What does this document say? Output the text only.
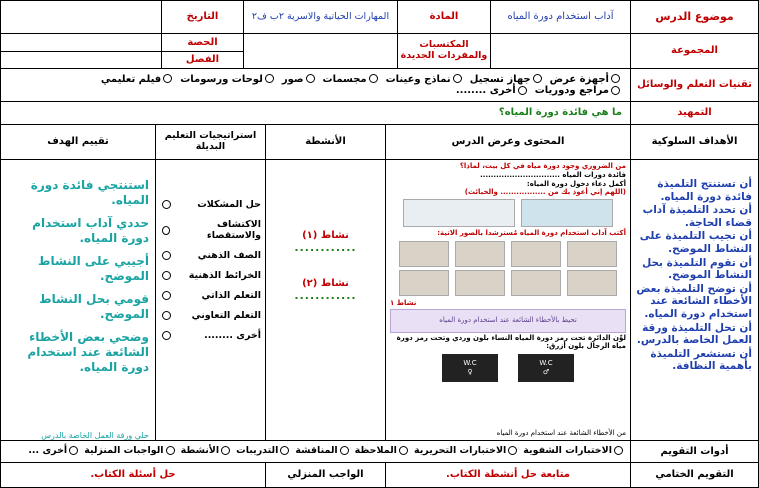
موضوع الدرس
آداب استخدام دورة المياه
المادة
المهارات الحياتية والاسرية ٢ب ف٢
التاريخ
المجموعة
المكتسبات والمفردات الجديدة
الحصة
الفصل
تقنيات التعلم والوسائل
أجهزة عرض
جهاز تسجيل
نماذج وعينات
مجسمات
صور
لوحات ورسومات
فيلم تعليمي
مراجع ودوريات
أخرى ........
التمهيد
ما هي فائدة دورة المياه؟
الأهداف السلوكية
المحتوى وعرض الدرس
الأنشطة
استراتيجيات التعليم البديلة
تقييم الهدف

أن تستنتج التلميذة فائدة دورة المياه.

أن تحدد التلميذة آداب قضاء الحاجة.

أن تجيب التلميذة على النشاط الموضح.

أن تقوم التلميذة بحل النشاط الموضح.

أن توضح التلميذة بعض الأخطاء الشائعة عند استخدام دورة المياه.

أن تحل التلميذة ورقة العمل الخاصة بالدرس.

أن تستشعر التلميذة بأهمية النظافة.

من الضروري وجود دورة مياه في كل بيت، لماذا؟
فائدة دورات المياه ..............................
أكمل دعاء دخول دورة المياه:
(اللهم إني أعوذ بك من ................. والخبائث)
أكتب آداب استخدام دورة المياه مُسترشدا بالصور الاتية:
نشاط ١
تحيط بالأخطاء الشائعة عند استخدام دورة المياه
لوِّن الدائرة تحت رمز دورة المياه النساء بلون وردي وتحت رمز دورة مياه الرجال بلون أزرق:
W.C
♂
W.C
♀
من الأخطاء الشائعة عند استخدام دورة المياه
نشاط (١)
............
نشاط (٢)
............
حل المشكلات
الاكتشاف والاستقصاء
الصف الذهني
الخرائط الذهنية
التعلم الذاتي
التعلم التعاوني
أخرى ........

استنتجي فائدة دورة المياه.

حددي آداب استخدام دورة المياه.

أجيبي على النشاط الموضح.

قومي بحل النشاط الموضح.

وضحي بعض الأخطاء الشائعة عند استخدام دورة المياه.

حلي ورقة العمل الخاصة بالدرس
أدوات التقويم
الاختبارات الشفوية
الاختبارات التحريرية
الملاحظة
المناقشة
التدريبات
الأنشطة
الواجبات المنزلية
أخرى ...
التقويم الختامي
متابعة حل أنشطة الكتاب.
الواجب المنزلي
حل أسئلة الكتاب.
